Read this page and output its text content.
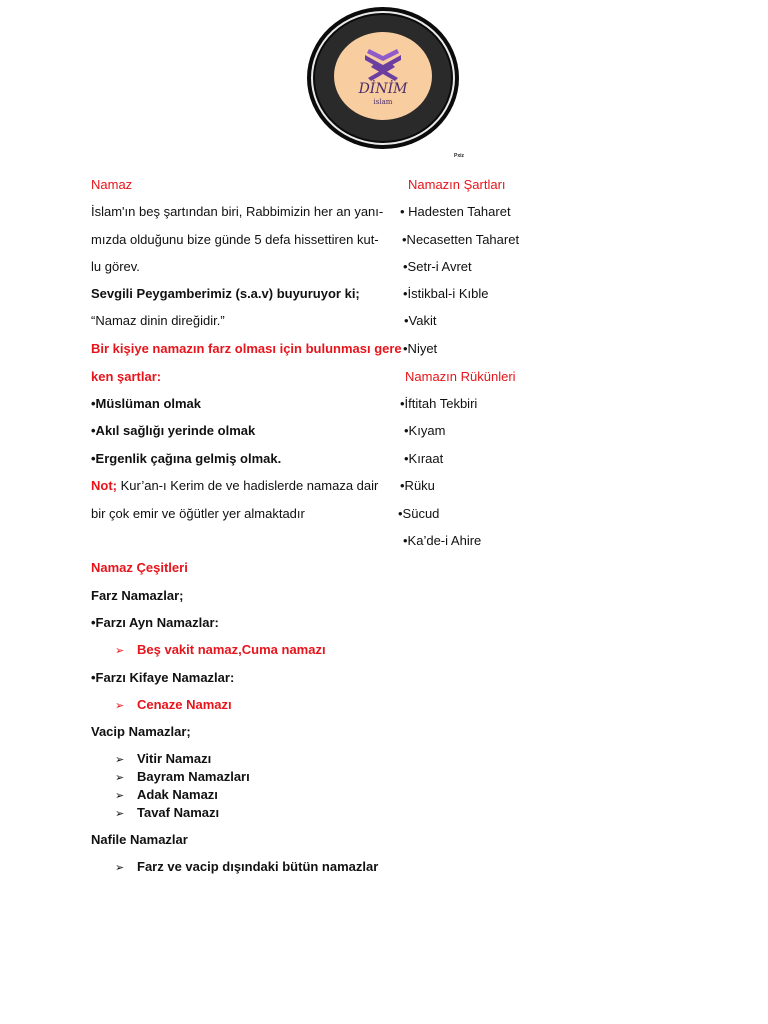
DİNİM
islam
Pxiz
Namaz
İslam'ın beş şartından biri, Rabbimizin her an yanı-
mızda olduğunu bize günde 5 defa hissettiren kut-
lu görev.
Sevgili Peygamberimiz (s.a.v) buyuruyor ki;
“Namaz dinin direğidir.”
Bir kişiye namazın farz olması için bulunması gere
ken şartlar:
•Müslüman olmak
•Akıl sağlığı yerinde olmak
•Ergenlik çağına gelmiş olmak.
Not; Kur’an-ı Kerim de ve hadislerde namaza dair
bir çok emir ve öğütler yer almaktadır
Namazın Şartları
• Hadesten Taharet
•Necasetten Taharet
•Setr-i Avret
•İstikbal-i Kıble
•Vakit
•Niyet
Namazın Rükünleri
•İftitah Tekbiri
•Kıyam
•Kıraat
•Rüku
•Sücud
•Ka’de-i Ahire
Namaz Çeşitleri
Farz Namazlar;
•Farzı Ayn Namazlar:
➢ Beş vakit namaz,Cuma namazı
•Farzı Kifaye Namazlar:
➢ Cenaze Namazı
Vacip Namazlar;
➢ Vitir Namazı
➢ Bayram Namazları
➢ Adak Namazı
➢ Tavaf Namazı
Nafile Namazlar
➢ Farz ve vacip dışındaki bütün namazlar
